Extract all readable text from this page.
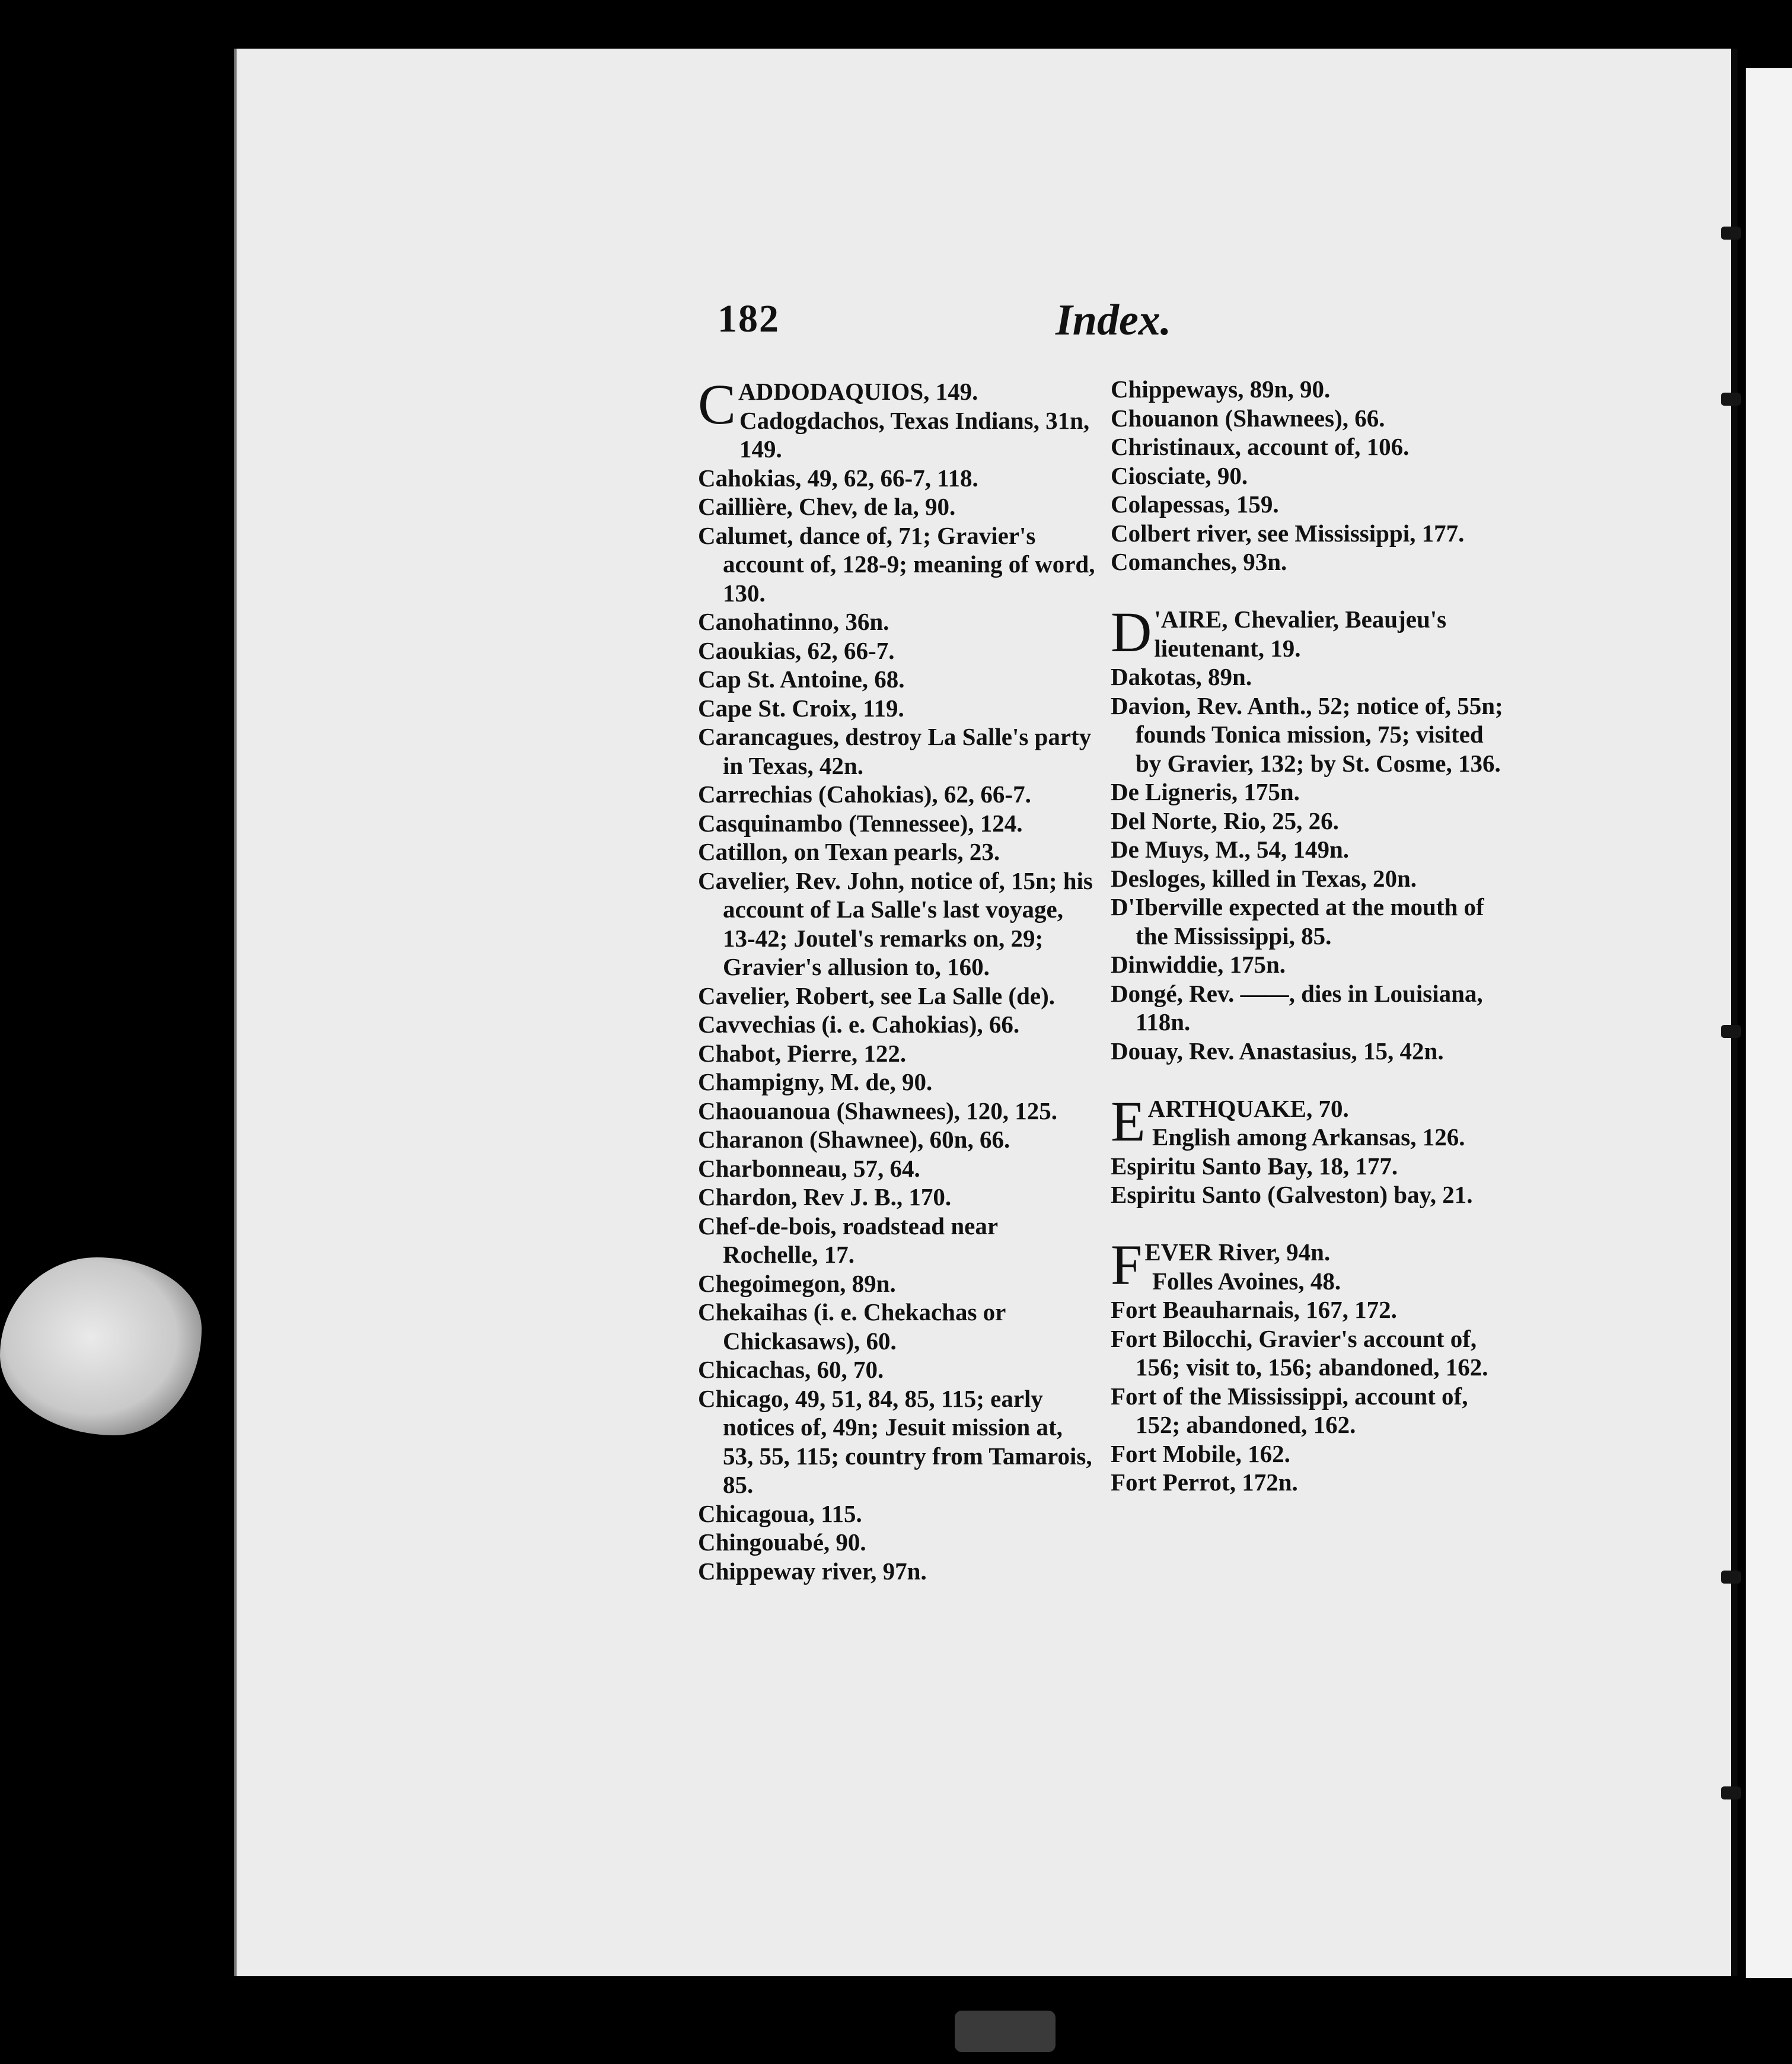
182	Index.
C ADDODAQUIOS, 149.
Cadogdachos, Texas Indians, 31n, 149.
Cahokias, 49, 62, 66-7, 118.
Caillière, Chev, de la, 90.
Calumet, dance of, 71; Gravier's account of, 128-9; meaning of word, 130.
Canohatinno, 36n.
Caoukias, 62, 66-7.
Cap St. Antoine, 68.
Cape St. Croix, 119.
Carancagues, destroy La Salle's party in Texas, 42n.
Carrechias (Cahokias), 62, 66-7.
Casquinambo (Tennessee), 124.
Catillon, on Texan pearls, 23.
Cavelier, Rev. John, notice of, 15n; his account of La Salle's last voyage, 13-42; Joutel's remarks on, 29; Gravier's allusion to, 160.
Cavelier, Robert, see La Salle (de).
Cavvechias (i. e. Cahokias), 66.
Chabot, Pierre, 122.
Champigny, M. de, 90.
Chaouanoua (Shawnees), 120, 125.
Charanon (Shawnee), 60n, 66.
Charbonneau, 57, 64.
Chardon, Rev J. B., 170.
Chef-de-bois, roadstead near Rochelle, 17.
Chegoimegon, 89n.
Chekaihas (i. e. Chekachas or Chickasaws), 60.
Chicachas, 60, 70.
Chicago, 49, 51, 84, 85, 115; early notices of, 49n; Jesuit mission at, 53, 55, 115; country from Tamarois, 85.
Chicagoua, 115.
Chingouabé, 90.
Chippeway river, 97n.
Chippeways, 89n, 90.
Chouanon (Shawnees), 66.
Christinaux, account of, 106.
Ciosciate, 90.
Colapessas, 159.
Colbert river, see Mississippi, 177.
Comanches, 93n.
D 'AIRE, Chevalier, Beaujeu's
lieutenant, 19.
Dakotas, 89n.
Davion, Rev. Anth., 52; notice of, 55n; founds Tonica mission, 75; visited by Gravier, 132; by St. Cosme, 136.
De Ligneris, 175n.
Del Norte, Rio, 25, 26.
De Muys, M., 54, 149n.
Desloges, killed in Texas, 20n.
D'Iberville expected at the mouth of the Mississippi, 85.
Dinwiddie, 175n.
Dongé, Rev. ——, dies in Louisiana, 118n.
Douay, Rev. Anastasius, 15, 42n.
E ARTHQUAKE, 70.
English among Arkansas, 126.
Espiritu Santo Bay, 18, 177.
Espiritu Santo (Galveston) bay, 21.
F EVER River, 94n.
Folles Avoines, 48.
Fort Beauharnais, 167, 172.
Fort Bilocchi, Gravier's account of, 156; visit to, 156; abandoned, 162.
Fort of the Mississippi, account of, 152; abandoned, 162.
Fort Mobile, 162.
Fort Perrot, 172n.
